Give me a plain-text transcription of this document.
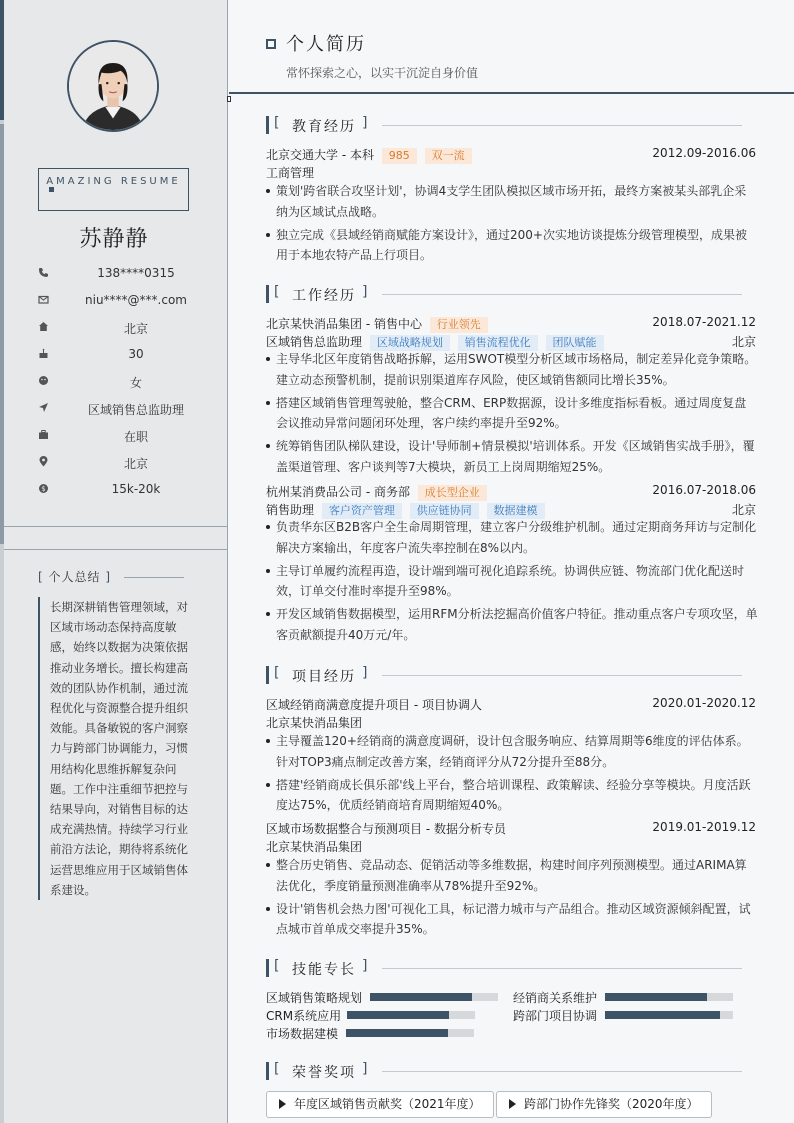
AMAZING RESUME
苏静静
138****0315
niu****@***.com
北京
30
女
区域销售总监助理
在职
北京
$	15k-20k
[ 个人总结 ]
长期深耕销售管理领域，对区域市场动态保持高度敏感，始终以数据为决策依据推动业务增长。擅长构建高效的团队协作机制，通过流程优化与资源整合提升组织效能。具备敏锐的客户洞察力与跨部门协调能力，习惯用结构化思维拆解复杂问题。工作中注重细节把控与结果导向，对销售目标的达成充满热情。持续学习行业前沿方法论，期待将系统化运营思维应用于区域销售体系建设。
个人简历
常怀探索之心，以实干沉淀自身价值
[ 教育经历 ]
北京交通大学 - 本科 985 双一流	2012.09-2016.06
工商管理
策划'跨省联合攻坚计划'，协调4支学生团队模拟区域市场开拓，最终方案被某头部乳企采纳为区域试点战略。
独立完成《县域经销商赋能方案设计》，通过200+次实地访谈提炼分级管理模型，成果被用于本地农特产品上行项目。
[ 工作经历 ]
北京某快消品集团 - 销售中心 行业领先	2018.07-2021.12
区域销售总监助理 区域战略规划 销售流程优化 团队赋能	北京
主导华北区年度销售战略拆解，运用SWOT模型分析区域市场格局，制定差异化竞争策略。建立动态预警机制，提前识别渠道库存风险，使区域销售额同比增长35%。
搭建区域销售管理驾驶舱，整合CRM、ERP数据源，设计多维度指标看板。通过周度复盘会议推动异常问题闭环处理，客户续约率提升至92%。
统筹销售团队梯队建设，设计'导师制+情景模拟'培训体系。开发《区域销售实战手册》，覆盖渠道管理、客户谈判等7大模块，新员工上岗周期缩短25%。
杭州某消费品公司 - 商务部 成长型企业	2016.07-2018.06
销售助理 客户资产管理 供应链协同 数据建模	北京
负责华东区B2B客户全生命周期管理，建立客户分级维护机制。通过定期商务拜访与定制化解决方案输出，年度客户流失率控制在8%以内。
主导订单履约流程再造，设计端到端可视化追踪系统。协调供应链、物流部门优化配送时效，订单交付准时率提升至98%。
开发区域销售数据模型，运用RFM分析法挖掘高价值客户特征。推动重点客户专项攻坚，单客贡献额提升40万元/年。
[ 项目经历 ]
区域经销商满意度提升项目 - 项目协调人	2020.01-2020.12
北京某快消品集团
主导覆盖120+经销商的满意度调研，设计包含服务响应、结算周期等6维度的评估体系。针对TOP3痛点制定改善方案，经销商评分从72分提升至88分。
搭建'经销商成长俱乐部'线上平台，整合培训课程、政策解读、经验分享等模块。月度活跃度达75%，优质经销商培育周期缩短40%。
区域市场数据整合与预测项目 - 数据分析专员	2019.01-2019.12
北京某快消品集团
整合历史销售、竞品动态、促销活动等多维数据，构建时间序列预测模型。通过ARIMA算法优化，季度销量预测准确率从78%提升至92%。
设计'销售机会热力图'可视化工具，标记潜力城市与产品组合。推动区域资源倾斜配置，试点城市首单成交率提升35%。
[ 技能专长 ]
区域销售策略规划	经销商关系维护
CRM系统应用	跨部门项目协调
市场数据建模
[ 荣誉奖项 ]
年度区域销售贡献奖（2021年度）	跨部门协作先锋奖（2020年度）
